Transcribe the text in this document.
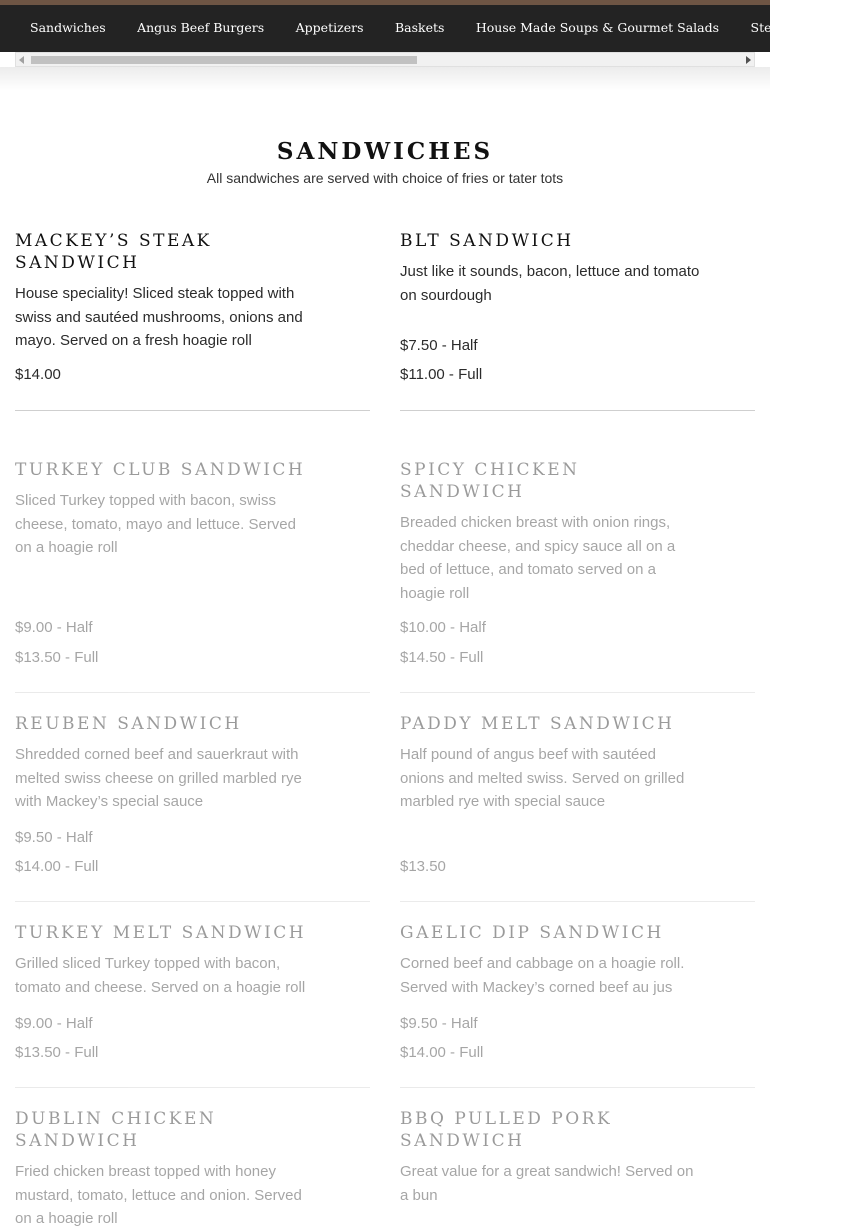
Sandwiches	Angus Beef Burgers	Appetizers	Baskets	House Made Soups & Gourmet Salads	Steaks & Seaf
SANDWICHES

All sandwiches are served with choice of fries or tater tots

MACKEY’S STEAK SANDWICH
House speciality! Sliced steak topped with swiss and sautéed mushrooms, onions and mayo. Served on a fresh hoagie roll
$14.00
BLT SANDWICH
Just like it sounds, bacon, lettuce and tomato on sourdough
$7.50 - Half
$11.00 - Full
TURKEY CLUB SANDWICH
Sliced Turkey topped with bacon, swiss cheese, tomato, mayo and lettuce. Served on a hoagie roll
$9.00 - Half
$13.50 - Full
SPICY CHICKEN SANDWICH
Breaded chicken breast with onion rings, cheddar cheese, and spicy sauce all on a bed of lettuce, and tomato served on a hoagie roll
$10.00 - Half
$14.50 - Full
REUBEN SANDWICH
Shredded corned beef and sauerkraut with melted swiss cheese on grilled marbled rye with Mackey’s special sauce
$9.50 - Half
$14.00 - Full
PADDY MELT SANDWICH
Half pound of angus beef with sautéed onions and melted swiss. Served on grilled marbled rye with special sauce
$13.50
TURKEY MELT SANDWICH
Grilled sliced Turkey topped with bacon, tomato and cheese. Served on a hoagie roll
$9.00 - Half
$13.50 - Full
GAELIC DIP SANDWICH
Corned beef and cabbage on a hoagie roll. Served with Mackey’s corned beef au jus
$9.50 - Half
$14.00 - Full
DUBLIN CHICKEN SANDWICH
Fried chicken breast topped with honey mustard, tomato, lettuce and onion. Served on a hoagie roll
BBQ PULLED PORK SANDWICH
Great value for a great sandwich! Served on a bun
